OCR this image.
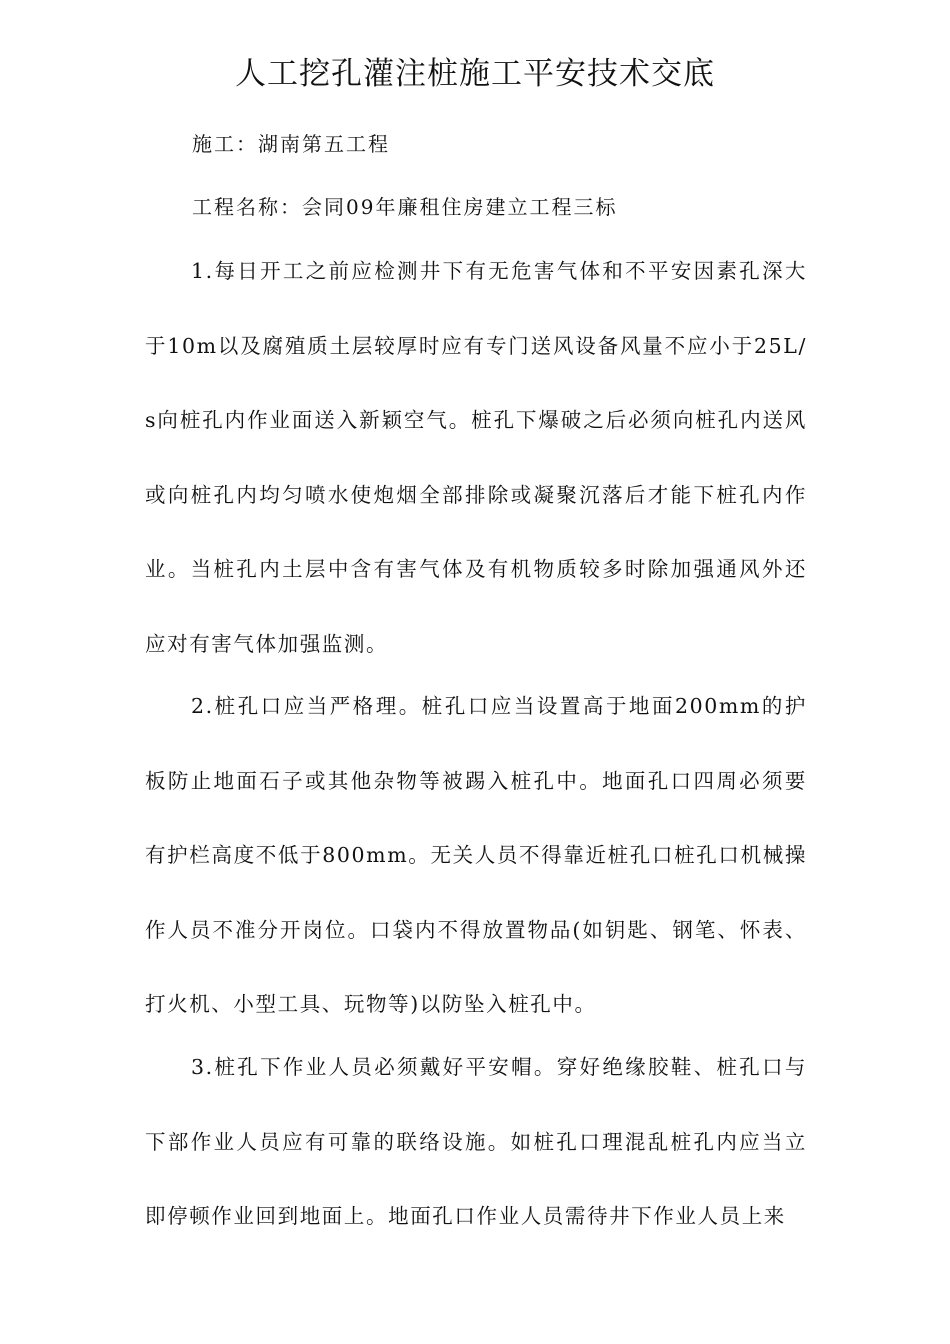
人工挖孔灌注桩施工平安技术交底

施工：湖南第五工程

工程名称：会同09年廉租住房建立工程三标

1.每日开工之前应检测井下有无危害气体和不平安因素孔深大于10m以及腐殖质土层较厚时应有专门送风设备风量不应小于25L/s向桩孔内作业面送入新颖空气。桩孔下爆破之后必须向桩孔内送风或向桩孔内均匀喷水使炮烟全部排除或凝聚沉落后才能下桩孔内作业。当桩孔内土层中含有害气体及有机物质较多时除加强通风外还应对有害气体加强监测。

2.桩孔口应当严格理。桩孔口应当设置高于地面200mm的护板防止地面石子或其他杂物等被踢入桩孔中。地面孔口四周必须要有护栏高度不低于800mm。无关人员不得靠近桩孔口桩孔口机械操作人员不准分开岗位。口袋内不得放置物品(如钥匙、钢笔、怀表、打火机、小型工具、玩物等)以防坠入桩孔中。

3.桩孔下作业人员必须戴好平安帽。穿好绝缘胶鞋、桩孔口与下部作业人员应有可靠的联络设施。如桩孔口理混乱桩孔内应当立即停顿作业回到地面上。地面孔口作业人员需待井下作业人员上来
